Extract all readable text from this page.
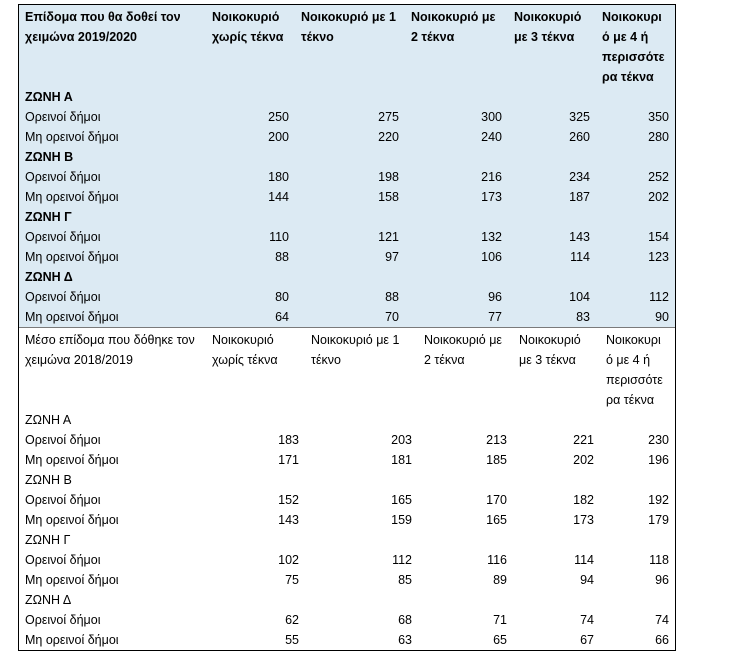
Επίδομα που θα δοθεί τον χειμώνα 2019/2020	Νοικοκυριό χωρίς τέκνα	Νοικοκυριό με 1 τέκνο	Νοικοκυριό με 2 τέκνα	Νοικοκυριό με 3 τέκνα	Νοικοκυρι ό με 4 ή περισσότε ρα τέκνα
ΖΩΝΗ Α					
Ορεινοί δήμοι	250	275	300	325	350
Μη ορεινοί δήμοι	200	220	240	260	280
ΖΩΝΗ Β					
Ορεινοί δήμοι	180	198	216	234	252
Μη ορεινοί δήμοι	144	158	173	187	202
ΖΩΝΗ Γ					
Ορεινοί δήμοι	110	121	132	143	154
Μη ορεινοί δήμοι	88	97	106	114	123
ΖΩΝΗ Δ					
Ορεινοί δήμοι	80	88	96	104	112
Μη ορεινοί δήμοι	64	70	77	83	90
Μέσο επίδομα που δόθηκε τον χειμώνα 2018/2019	Νοικοκυριό χωρίς τέκνα	Νοικοκυριό με 1 τέκνο	Νοικοκυριό με 2 τέκνα	Νοικοκυριό με 3 τέκνα	Νοικοκυρι ό με 4 ή περισσότε ρα τέκνα
ΖΩΝΗ Α					
Ορεινοί δήμοι	183	203	213	221	230
Μη ορεινοί δήμοι	171	181	185	202	196
ΖΩΝΗ Β					
Ορεινοί δήμοι	152	165	170	182	192
Μη ορεινοί δήμοι	143	159	165	173	179
ΖΩΝΗ Γ					
Ορεινοί δήμοι	102	112	116	114	118
Μη ορεινοί δήμοι	75	85	89	94	96
ΖΩΝΗ Δ					
Ορεινοί δήμοι	62	68	71	74	74
Μη ορεινοί δήμοι	55	63	65	67	66
